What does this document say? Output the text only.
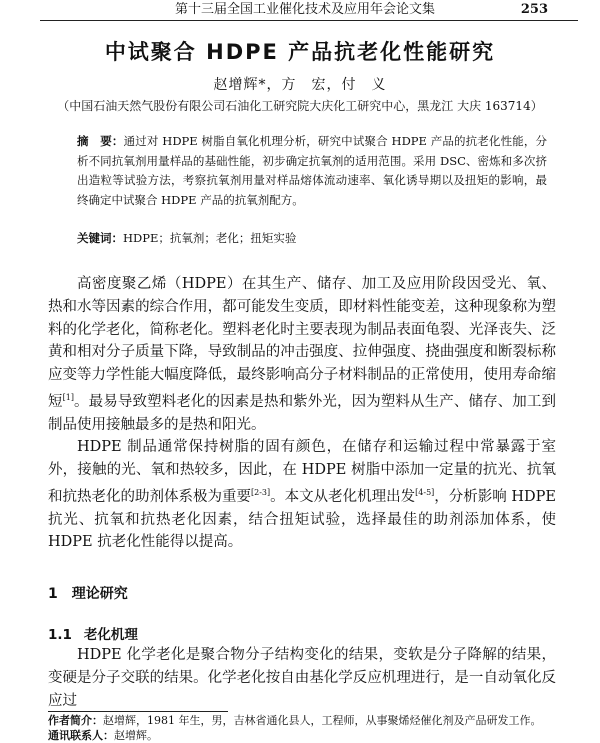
第十三届全国工业催化技术及应用年会论文集	253
中试聚合 HDPE 产品抗老化性能研究
赵增辉*，方　宏，付　义
（中国石油天然气股份有限公司石油化工研究院大庆化工研究中心，黑龙江 大庆 163714）

摘　要：通过对 HDPE 树脂自氧化机理分析，研究中试聚合 HDPE 产品的抗老化性能，分析不同抗氧剂用量样品的基础性能，初步确定抗氧剂的适用范围。采用 DSC、密炼和多次挤出造粒等试验方法，考察抗氧剂用量对样品熔体流动速率、氧化诱导期以及扭矩的影响，最终确定中试聚合 HDPE 产品的抗氧剂配方。

关键词：HDPE；抗氧剂；老化；扭矩实验

高密度聚乙烯（HDPE）在其生产、储存、加工及应用阶段因受光、氧、热和水等因素的综合作用，都可能发生变质，即材料性能变差，这种现象称为塑料的化学老化，简称老化。塑料老化时主要表现为制品表面龟裂、光泽丧失、泛黄和相对分子质量下降，导致制品的冲击强度、拉伸强度、挠曲强度和断裂标称应变等力学性能大幅度降低，最终影响高分子材料制品的正常使用，使用寿命缩短[1]。最易导致塑料老化的因素是热和紫外光，因为塑料从生产、储存、加工到制品使用接触最多的是热和阳光。

HDPE 制品通常保持树脂的固有颜色，在储存和运输过程中常暴露于室外，接触的光、氧和热较多，因此，在 HDPE 树脂中添加一定量的抗光、抗氧和抗热老化的助剂体系极为重要[2-3]。本文从老化机理出发[4-5]，分析影响 HDPE 抗光、抗氧和抗热老化因素，结合扭矩试验，选择最佳的助剂添加体系，使 HDPE 抗老化性能得以提高。

1 理论研究
1.1 老化机理

HDPE 化学老化是聚合物分子结构变化的结果，变软是分子降解的结果，变硬是分子交联的结果。化学老化按自由基化学反应机理进行，是一自动氧化反应过

作者简介：赵增辉，1981 年生，男，吉林省通化县人，工程师，从事聚烯烃催化剂及产品研发工作。
通讯联系人：赵增辉。
